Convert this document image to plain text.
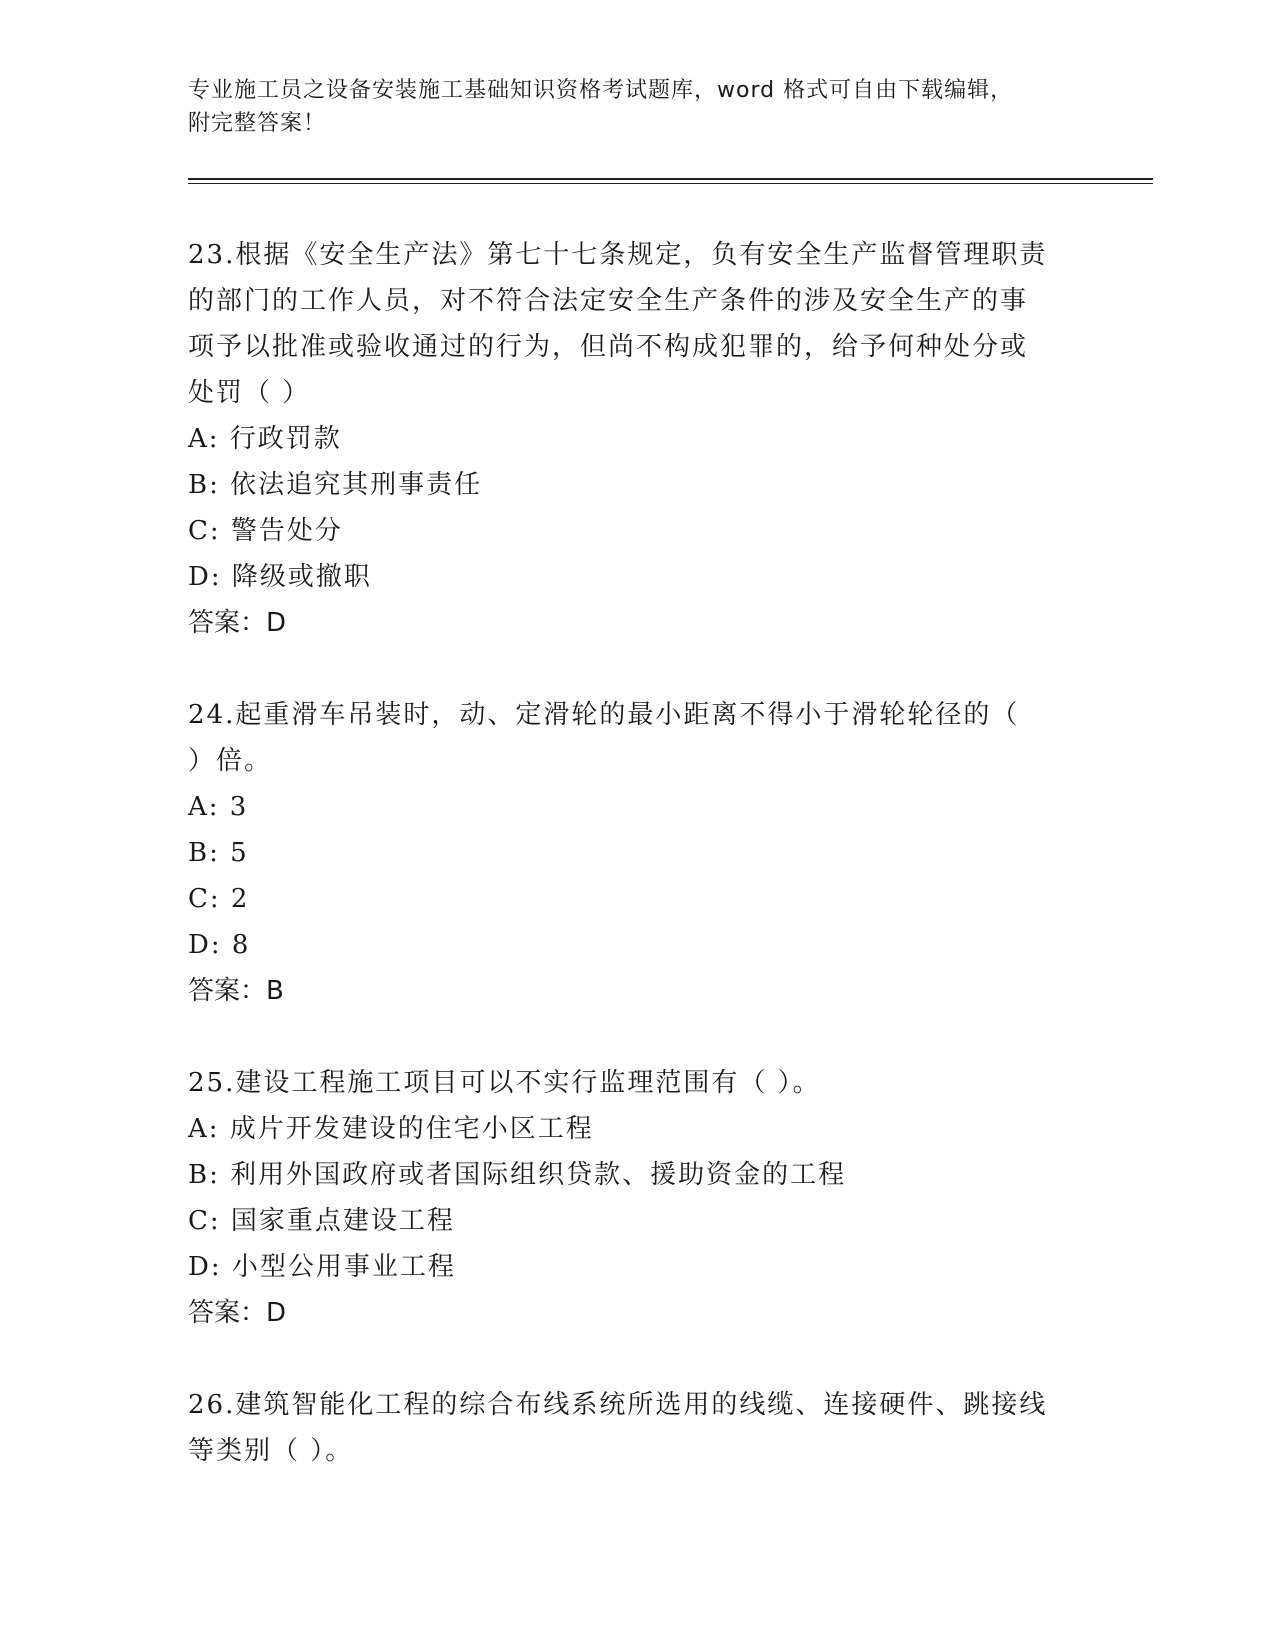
专业施工员之设备安装施工基础知识资格考试题库，word 格式可自由下载编辑，
附完整答案！

23.根据《安全生产法》第七十七条规定，负有安全生产监督管理职责

的部门的工作人员，对不符合法定安全生产条件的涉及安全生产的事

项予以批准或验收通过的行为，但尚不构成犯罪的，给予何种处分或

处罚（ ）

A: 行政罚款

B: 依法追究其刑事责任

C: 警告处分

D: 降级或撤职

答案：D

24.起重滑车吊装时，动、定滑轮的最小距离不得小于滑轮轮径的（

）倍。

A: 3

B: 5

C: 2

D: 8

答案：B

25.建设工程施工项目可以不实行监理范围有（ ）。

A: 成片开发建设的住宅小区工程

B: 利用外国政府或者国际组织贷款、援助资金的工程

C: 国家重点建设工程

D: 小型公用事业工程

答案：D

26.建筑智能化工程的综合布线系统所选用的线缆、连接硬件、跳接线

等类别（ ）。
